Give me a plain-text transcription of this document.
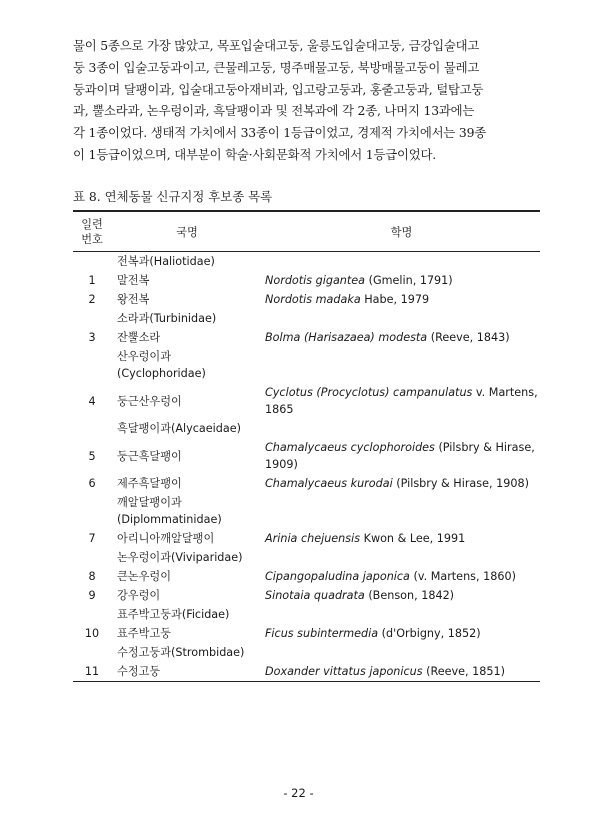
물이 5종으로 가장 많았고, 목포입술대고둥, 울릉도입술대고둥, 금강입술대고
둥 3종이 입술고둥과이고, 큰물레고둥, 명주매물고둥, 북방매물고둥이 물레고
둥과이며 달팽이과, 입술대고둥아재비과, 입고랑고둥과, 홍줄고둥과, 털탑고둥
과, 뿔소라과, 논우렁이과, 흑달팽이과 및 전복과에 각 2종, 나머지 13과에는
각 1종이었다. 생태적 가치에서 33종이 1등급이었고, 경제적 가치에서는 39종
이 1등급이었으며, 대부분이 학술·사회문화적 가치에서 1등급이었다.
표 8. 연체동물 신규지정 후보종 목록
일련
번호	국명	학명
	전복과(Haliotidae)	
1	말전복	Nordotis gigantea (Gmelin, 1791)
2	왕전복	Nordotis madaka Habe, 1979
	소라과(Turbinidae)	
3	잔뿔소라	Bolma (Harisazaea) modesta (Reeve, 1843)
	산우렁이과
(Cyclophoridae)	
4	둥근산우렁이	Cyclotus (Procyclotus) campanulatus v. Martens, 1865
	흑달팽이과(Alycaeidae)	
5	둥근흑달팽이	Chamalycaeus cyclophoroides (Pilsbry & Hirase, 1909)
6	제주흑달팽이	Chamalycaeus kurodai (Pilsbry & Hirase, 1908)
	깨알달팽이과
(Diplommatinidae)	
7	아리니아깨알달팽이	Arinia chejuensis Kwon & Lee, 1991
	논우렁이과(Viviparidae)	
8	큰논우렁이	Cipangopaludina japonica (v. Martens, 1860)
9	강우렁이	Sinotaia quadrata (Benson, 1842)
	표주박고둥과(Ficidae)	
10	표주박고둥	Ficus subintermedia (d'Orbigny, 1852)
	수정고둥과(Strombidae)	
11	수정고둥	Doxander vittatus japonicus (Reeve, 1851)
- 22 -
